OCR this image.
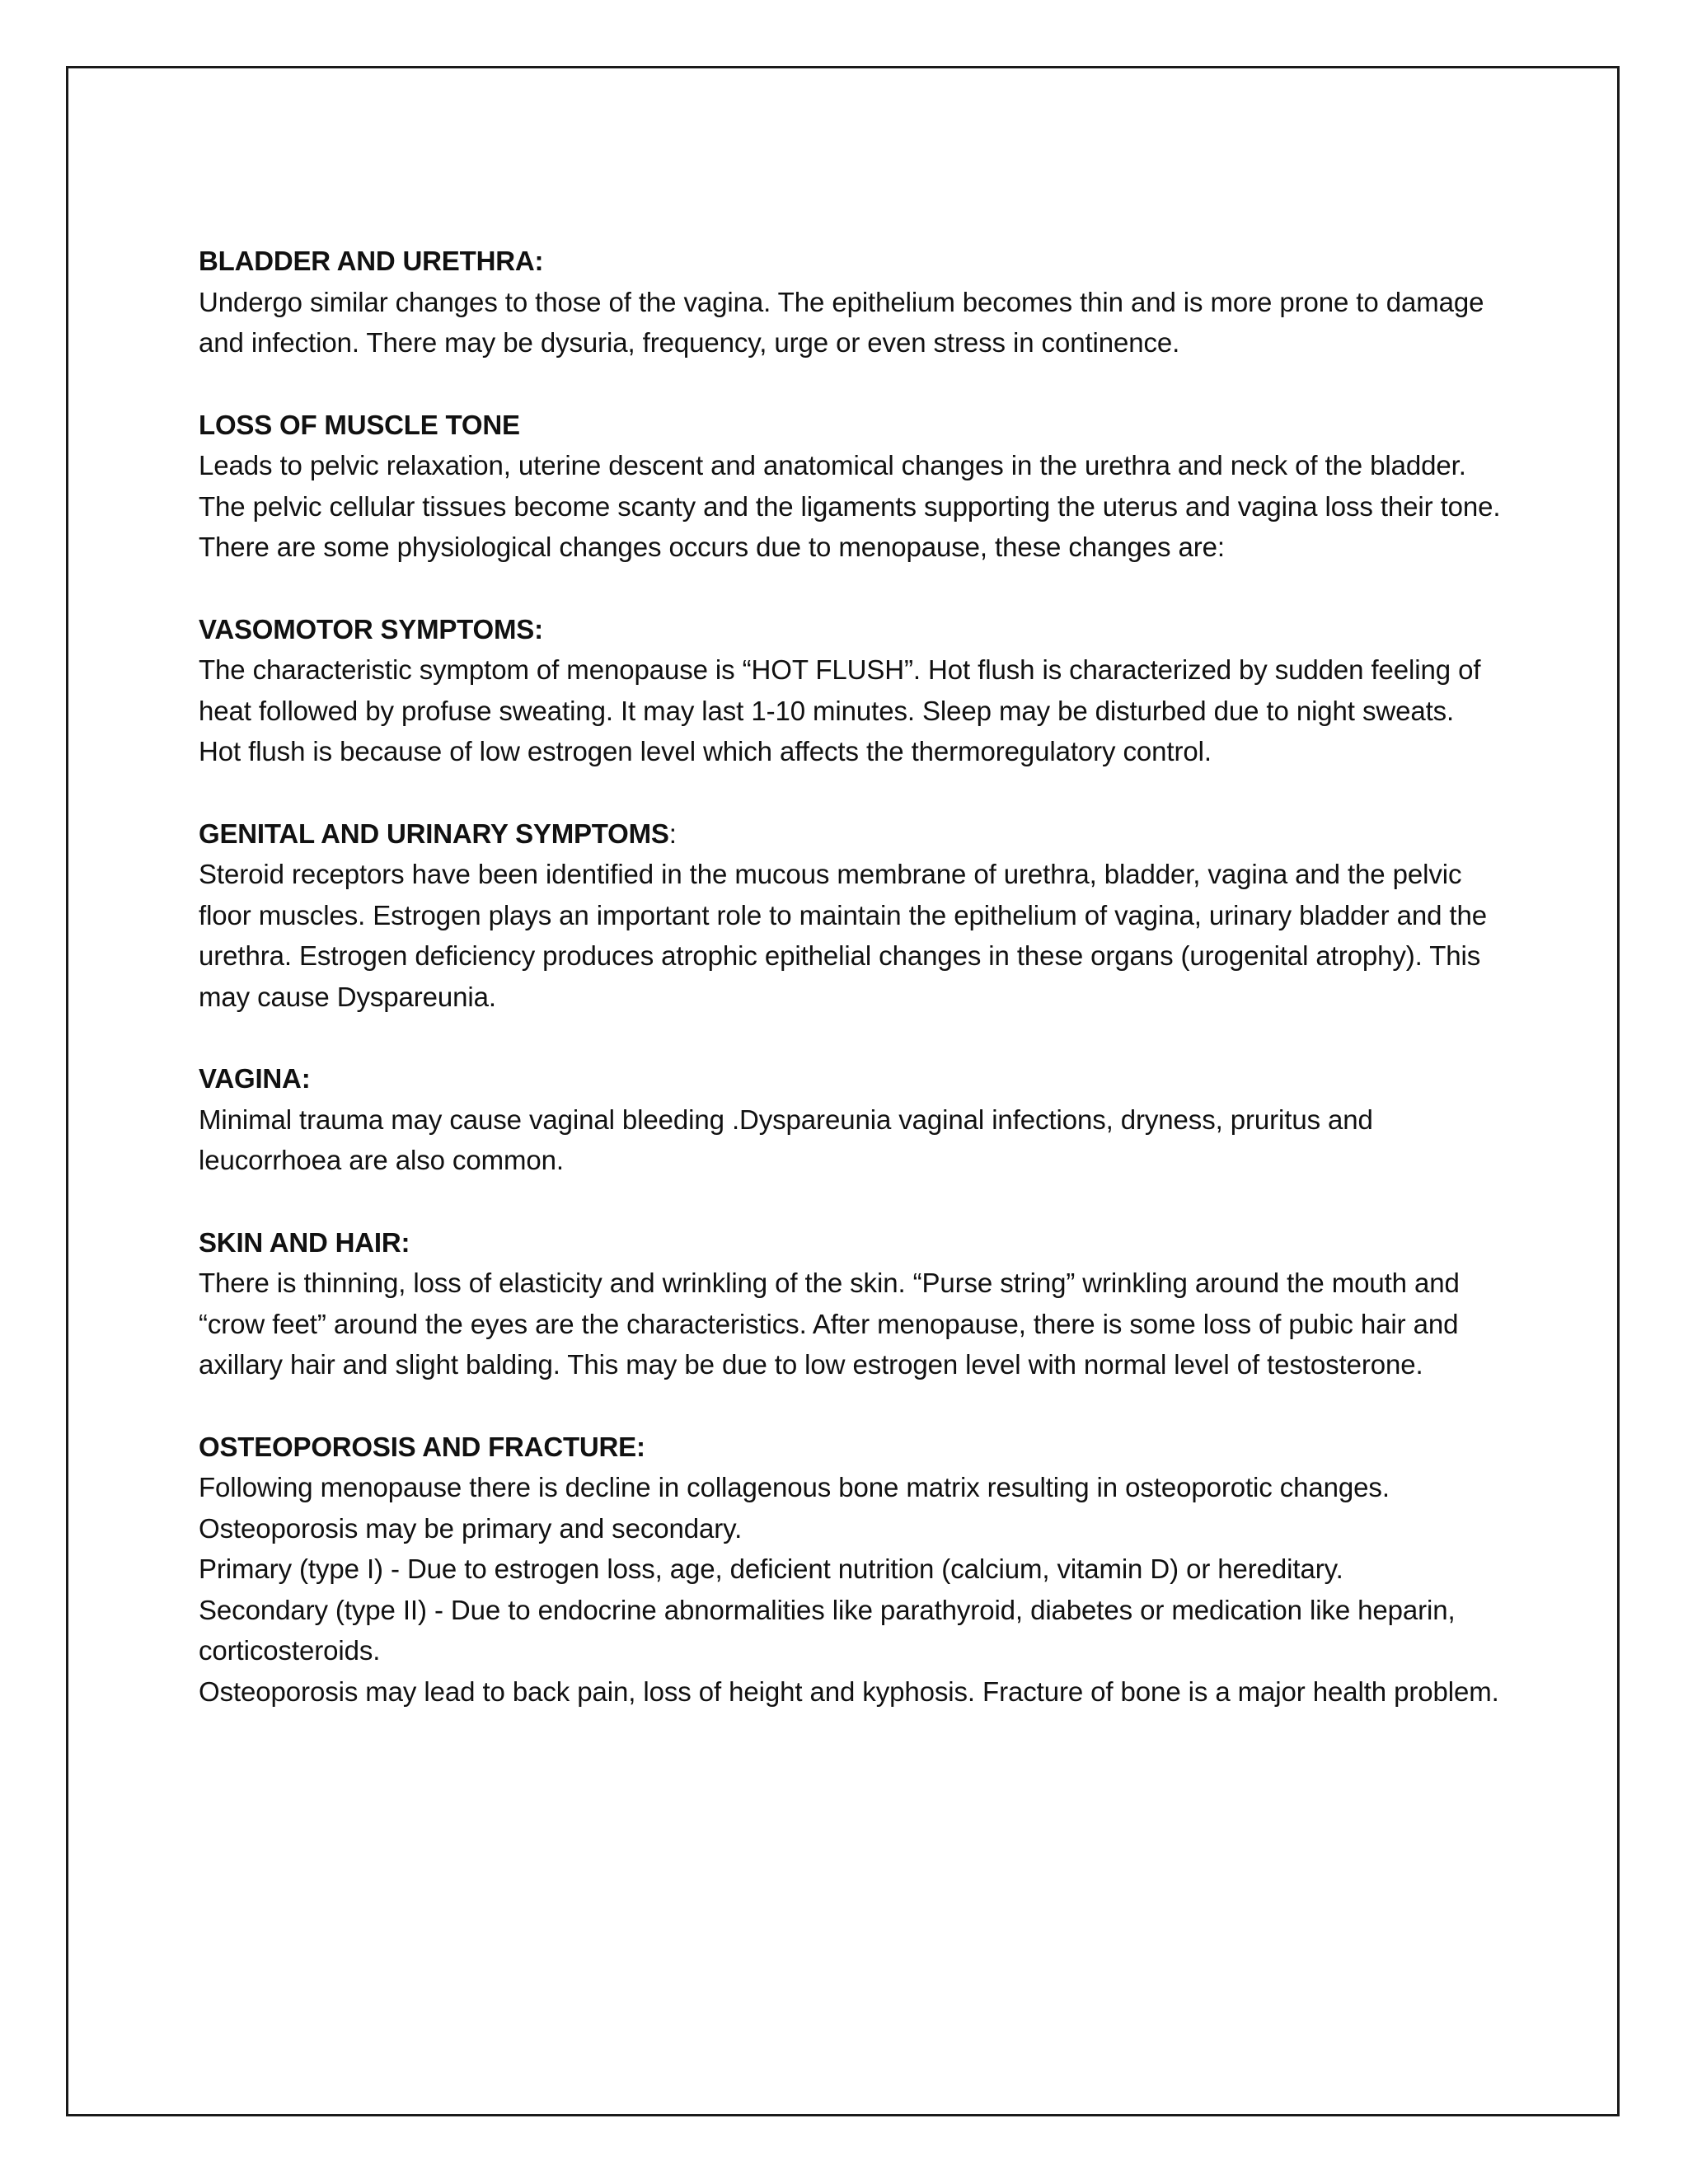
BLADDER AND URETHRA:

Undergo similar changes to those of the vagina. The epithelium becomes thin and is more prone to damage and infection. There may be dysuria, frequency, urge or even stress in continence.

LOSS OF MUSCLE TONE

Leads to pelvic relaxation, uterine descent and anatomical changes in the urethra and neck of the bladder. The pelvic cellular tissues become scanty and the ligaments supporting the uterus and vagina loss their tone.

There are some physiological changes occurs due to menopause, these changes are:

VASOMOTOR SYMPTOMS:

The characteristic symptom of menopause is “HOT FLUSH”. Hot flush is characterized by sudden feeling of heat followed by profuse sweating. It may last 1-10 minutes. Sleep may be disturbed due to night sweats. Hot flush is because of low estrogen level which affects the thermoregulatory control.

GENITAL AND URINARY SYMPTOMS:

Steroid receptors have been identified in the mucous membrane of urethra, bladder, vagina and the pelvic floor muscles. Estrogen plays an important role to maintain the epithelium of vagina, urinary bladder and the urethra. Estrogen deficiency produces atrophic epithelial changes in these organs (urogenital atrophy). This may cause Dyspareunia.

VAGINA:

Minimal trauma may cause vaginal bleeding .Dyspareunia vaginal infections, dryness, pruritus and leucorrhoea are also common.

SKIN AND HAIR:

There is thinning, loss of elasticity and wrinkling of the skin. “Purse string” wrinkling around the mouth and “crow feet” around the eyes are the characteristics. After menopause, there is some loss of pubic hair and axillary hair and slight balding. This may be due to low estrogen level with normal level of testosterone.

OSTEOPOROSIS AND FRACTURE:

Following menopause there is decline in collagenous bone matrix resulting in osteoporotic changes.

Osteoporosis may be primary and secondary.

Primary (type I) - Due to estrogen loss, age, deficient nutrition (calcium, vitamin D) or hereditary.

Secondary (type II) - Due to endocrine abnormalities like parathyroid, diabetes or medication like heparin, corticosteroids.

Osteoporosis may lead to back pain, loss of height and kyphosis. Fracture of bone is a major health problem.
